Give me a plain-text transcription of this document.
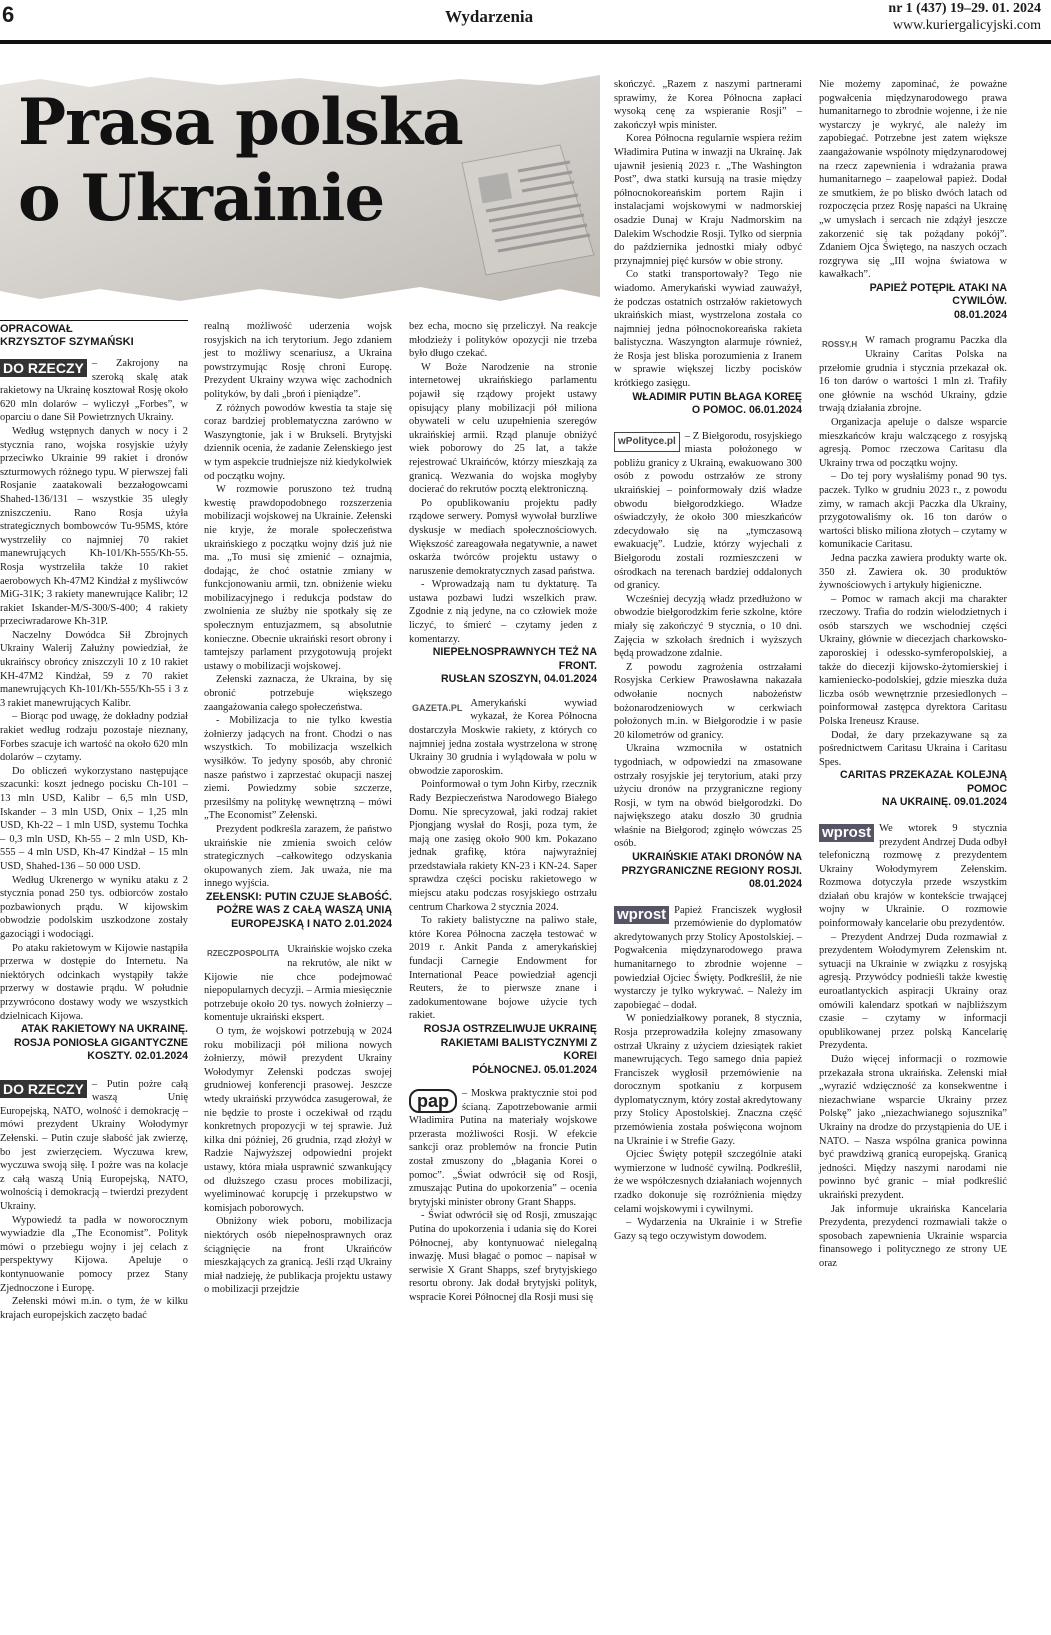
6	Wydarzenia	nr 1 (437) 19–29. 01. 2024
www.kuriergalicyjski.com
Prasa polska
o Ukrainie
OPRACOWAŁ
KRZYSZTOF SZYMAŃSKI

DO RZECZY – Zakrojony na szeroką skalę atak rakietowy na Ukrainę kosztował Rosję około 620 mln dolarów – wyliczył „Forbes”, w oparciu o dane Sił Powietrznych Ukrainy.

Według wstępnych danych w nocy i 2 stycznia rano, wojska rosyjskie użyły przeciwko Ukrainie 99 rakiet i dronów szturmowych różnego typu. W pierwszej fali Rosjanie zaatakowali bezzałogowcami Shahed-136/131 – wszystkie 35 uległy zniszczeniu. Rano Rosja użyła strategicznych bombowców Tu-95MS, które wystrzeliły co najmniej 70 rakiet manewrujących Kh-101/Kh-555/Kh-55. Rosja wystrzeliła także 10 rakiet aerobowych Kh-47M2 Kindżał z myśliwców MiG-31K; 3 rakiety manewrujące Kalibr; 12 rakiet Iskander-M/S-300/S-400; 4 rakiety przeciwradarowe Kh-31P.

Naczelny Dowódca Sił Zbrojnych Ukrainy Walerij Załużny powiedział, że ukraińscy obrońcy zniszczyli 10 z 10 rakiet KH-47M2 Kindżał, 59 z 70 rakiet manewrujących Kh-101/Kh-555/Kh-55 i 3 z 3 rakiet manewrujących Kalibr.

– Biorąc pod uwagę, że dokładny podział rakiet według rodzaju pozostaje nieznany, Forbes szacuje ich wartość na około 620 mln dolarów – czytamy.

Do obliczeń wykorzystano następujące szacunki: koszt jednego pocisku Ch-101 – 13 mln USD, Kalibr – 6,5 mln USD, Iskander – 3 mln USD, Onix – 1,25 mln USD, Kh-22 – 1 mln USD, systemu Tochka – 0,3 mln USD, Kh-55 – 2 mln USD, Kh-555 – 4 mln USD, Kh-47 Kindżał – 15 mln USD, Shahed-136 – 50 000 USD.

Według Ukrenergo w wyniku ataku z 2 stycznia ponad 250 tys. odbiorców zostało pozbawionych prądu. W kijowskim obwodzie podolskim uszkodzone zostały gazociągi i wodociągi.

Po ataku rakietowym w Kijowie nastąpiła przerwa w dostępie do Internetu. Na niektórych odcinkach wystąpiły także przerwy w dostawie prądu. W południe przywrócono dostawy wody we wszystkich dzielnicach Kijowa.

ATAK RAKIETOWY NA UKRAINĘ.
ROSJA PONIOSŁA GIGANTYCZNE
KOSZTY. 02.01.2024

DO RZECZY – Putin pożre całą waszą Unię Europejską, NATO, wolność i demokrację – mówi prezydent Ukrainy Wołodymyr Zełenski. – Putin czuje słabość jak zwierzę, bo jest zwierzęciem. Wyczuwa krew, wyczuwa swoją siłę. I pożre was na kolacje z całą waszą Unią Europejską, NATO, wolnością i demokracją – twierdzi prezydent Ukrainy.

Wypowiedź ta padła w noworocznym wywiadzie dla „The Economist”. Polityk mówi o przebiegu wojny i jej celach z perspektywy Kijowa. Apeluje o kontynuowanie pomocy przez Stany Zjednoczone i Europę.

Zełenski mówi m.in. o tym, że w kilku krajach europejskich zaczęto badać

realną możliwość uderzenia wojsk rosyjskich na ich terytorium. Jego zdaniem jest to możliwy scenariusz, a Ukraina powstrzymując Rosję chroni Europę. Prezydent Ukrainy wzywa więc zachodnich polityków, by dali „broń i pieniądze”.

Z różnych powodów kwestia ta staje się coraz bardziej problematyczna zarówno w Waszyngtonie, jak i w Brukseli. Brytyjski dziennik ocenia, że zadanie Zełenskiego jest w tym aspekcie trudniejsze niż kiedykolwiek od początku wojny.

W rozmowie poruszono też trudną kwestię prawdopodobnego rozszerzenia mobilizacji wojskowej na Ukrainie. Zełenski nie kryje, że morale społeczeństwa ukraińskiego z początku wojny dziś już nie ma. „To musi się zmienić – oznajmia, dodając, że choć ostatnie zmiany w funkcjonowaniu armii, tzn. obniżenie wieku mobilizacyjnego i redukcja podstaw do zwolnienia ze służby nie spotkały się ze społecznym entuzjazmem, są absolutnie konieczne. Obecnie ukraiński resort obrony i tamtejszy parlament przygotowują projekt ustawy o mobilizacji wojskowej.

Zełenski zaznacza, że Ukraina, by się obronić potrzebuje większego zaangażowania całego społeczeństwa.

- Mobilizacja to nie tylko kwestia żołnierzy jadących na front. Chodzi o nas wszystkich. To mobilizacja wszelkich wysiłków. To jedyny sposób, aby chronić nasze państwo i zaprzestać okupacji naszej ziemi. Powiedzmy sobie szczerze, przesilśmy na politykę wewnętrzną – mówi „The Economist” Zełenski.

Prezydent podkreśla zarazem, że państwo ukraińskie nie zmienia swoich celów strategicznych –całkowitego odzyskania okupowanych ziem. Jak uważa, nie ma innego wyjścia.

ZEŁENSKI: PUTIN CZUJE SŁABOŚĆ.
POŻRE WAS Z CAŁĄ WASZĄ UNIĄ
EUROPEJSKĄ I NATO 2.01.2024

RZECZPOSPOLITA Ukraińskie wojsko czeka na rekrutów, ale nikt w Kijowie nie chce podejmować niepopularnych decyzji. – Armia miesięcznie potrzebuje około 20 tys. nowych żołnierzy – komentuje ukraiński ekspert.

O tym, że wojskowi potrzebują w 2024 roku mobilizacji pół miliona nowych żołnierzy, mówił prezydent Ukrainy Wołodymyr Zełenski podczas swojej grudniowej konferencji prasowej. Jeszcze wtedy ukraiński przywódca zasugerował, że nie będzie to proste i oczekiwał od rządu konkretnych propozycji w tej sprawie. Już kilka dni później, 26 grudnia, rząd złożył w Radzie Najwyższej odpowiedni projekt ustawy, która miała usprawnić szwankujący od dłuższego czasu proces mobilizacji, wyeliminować korupcję i przekupstwo w komisjach poborowych.

Obniżony wiek poboru, mobilizacja niektórych osób niepełnosprawnych oraz ściągnięcie na front Ukraińców mieszkających za granicą. Jeśli rząd Ukrainy miał nadzieję, że publikacja projektu ustawy o mobilizacji przejdzie

bez echa, mocno się przeliczył. Na reakcje młodzieży i polityków opozycji nie trzeba było długo czekać.

W Boże Narodzenie na stronie internetowej ukraińskiego parlamentu pojawił się rządowy projekt ustawy opisujący plany mobilizacji pół miliona obywateli w celu uzupełnienia szeregów ukraińskiej armii. Rząd planuje obniżyć wiek poborowy do 25 lat, a także rejestrować Ukraińców, którzy mieszkają za granicą. Wezwania do wojska mogłyby docierać do rekrutów pocztą elektroniczną.

Po opublikowaniu projektu padły rządowe serwery. Pomysł wywołał burzliwe dyskusje w mediach społecznościowych. Większość zareagowała negatywnie, a nawet oskarża twórców projektu ustawy o naruszenie demokratycznych zasad państwa.

- Wprowadzają nam tu dyktaturę. Ta ustawa pozbawi ludzi wszelkich praw. Zgodnie z nią jedyne, na co człowiek może liczyć, to śmierć – czytamy jeden z komentarzy.

NIEPEŁNOSPRAWNYCH TEŻ NA FRONT.
RUSŁAN SZOSZYN, 04.01.2024

GAZETA.PL Amerykański wywiad wykazał, że Korea Północna dostarczyła Moskwie rakiety, z których co najmniej jedna została wystrzelona w stronę Ukrainy 30 grudnia i wylądowała w polu w obwodzie zaporoskim.

Poinformował o tym John Kirby, rzecznik Rady Bezpieczeństwa Narodowego Białego Domu. Nie sprecyzował, jaki rodzaj rakiet Pjongjang wysłał do Rosji, poza tym, że mają one zasięg około 900 km. Pokazano jednak grafikę, która najwyraźniej przedstawiała rakiety KN-23 i KN-24. Saper sprawdza części pocisku rakietowego w miejscu ataku podczas rosyjskiego ostrzału centrum Charkowa 2 stycznia 2024.

To rakiety balistyczne na paliwo stałe, które Korea Północna zaczęła testować w 2019 r. Ankit Panda z amerykańskiej fundacji Carnegie Endowment for International Peace powiedział agencji Reuters, że to pierwsze znane i zadokumentowane bojowe użycie tych rakiet.

ROSJA OSTRZELIWUJE UKRAINĘ
RAKIETAMI BALISTYCZNYMI Z KOREI
PÓŁNOCNEJ. 05.01.2024

pap	– Moskwa praktycznie stoi pod ścianą. Zapotrzebowanie armii Władimira Putina na materiały wojskowe przerasta możliwości Rosji. W efekcie sankcji oraz problemów na froncie Putin został zmuszony do „błagania Korei o pomoc”. „Świat odwrócił się od Rosji, zmuszając Putina do upokorzenia” – ocenia brytyjski minister obrony Grant Shapps.

- Świat odwrócił się od Rosji, zmuszając Putina do upokorzenia i udania się do Korei Północnej, aby kontynuować nielegalną inwazję. Musi błagać o pomoc – napisał w serwisie X Grant Shapps, szef brytyjskiego resortu obrony. Jak dodał brytyjski polityk, wspracie Korei Północnej dla Rosji musi się

skończyć. „Razem z naszymi partnerami sprawimy, że Korea Północna zapłaci wysoką cenę za wspieranie Rosji” – zakończył wpis minister.

Korea Północna regularnie wspiera reżim Władimira Putina w inwazji na Ukrainę. Jak ujawnił jesienią 2023 r. „The Washington Post”, dwa statki kursują na trasie między północnokoreańskim portem Rajin i instalacjami wojskowymi w nadmorskiej osadzie Dunaj w Kraju Nadmorskim na Dalekim Wschodzie Rosji. Tylko od sierpnia do października jednostki miały odbyć przynajmniej pięć kursów w obie strony.

Co statki transportowały? Tego nie wiadomo. Amerykański wywiad zauważył, że podczas ostatnich ostrzałów rakietowych ukraińskich miast, wystrzelona została co najmniej jedna północnokoreańska rakieta balistyczna. Waszyngton alarmuje również, że Rosja jest bliska porozumienia z Iranem w sprawie większej liczby pocisków krótkiego zasięgu.

WŁADIMIR PUTIN BŁAGA KOREĘ
O POMOC. 06.01.2024

wPolityce.pl – Z Biełgorodu, rosyjskiego miasta położonego w pobliżu granicy z Ukrainą, ewakuowano 300 osób z powodu ostrzałów ze strony ukraińskiej – poinformowały dziś władze obwodu biełgorodzkiego. Władze oświadczyły, że około 300 mieszkańców zdecydowało się na „tymczasową ewakuację”. Ludzie, którzy wyjechali z Biełgorodu zostali rozmieszczeni w ośrodkach na terenach bardziej oddalonych od granicy.

Wcześniej decyzją władz przedłużono w obwodzie biełgorodzkim ferie szkolne, które miały się zakończyć 9 stycznia, o 10 dni. Zajęcia w szkołach średnich i wyższych będą prowadzone zdalnie.

Z powodu zagrożenia ostrzałami Rosyjska Cerkiew Prawosławna nakazała odwołanie nocnych nabożeństw bożonarodzeniowych w cerkwiach położonych m.in. w Biełgorodzie i w pasie 20 kilometrów od granicy.

Ukraina wzmocniła w ostatnich tygodniach, w odpowiedzi na zmasowane ostrzały rosyjskie jej terytorium, ataki przy użyciu dronów na przygraniczne regiony Rosji, w tym na obwód biełgorodzki. Do największego ataku doszło 30 grudnia właśnie na Biełgorod; zginęło wówczas 25 osób.

UKRAIŃSKIE ATAKI DRONÓW NA
PRZYGRANICZNE REGIONY ROSJI.
08.01.2024

wprost Papież Franciszek wygłosił przemówienie do dyplomatów akredytowanych przy Stolicy Apostolskiej. – Pogwałcenia międzynarodowego prawa humanitarnego to zbrodnie wojenne – powiedział Ojciec Święty. Podkreślił, że nie wystarczy je tylko wykrywać. – Należy im zapobiegać – dodał.

W poniedziałkowy poranek, 8 stycznia, Rosja przeprowadziła kolejny zmasowany ostrzał Ukrainy z użyciem dziesiątek rakiet manewrujących. Tego samego dnia papież Franciszek wygłosił przemówienie na dorocznym spotkaniu z korpusem dyplomatycznym, który został akredytowany przy Stolicy Apostolskiej. Znaczna część przemówienia została poświęcona wojnom na Ukrainie i w Strefie Gazy.

Ojciec Święty potępił szczególnie ataki wymierzone w ludność cywilną. Podkreślił, że we współczesnych działaniach wojennych rzadko dokonuje się rozróżnienia między celami wojskowymi i cywilnymi.

– Wydarzenia na Ukrainie i w Strefie Gazy są tego oczywistym dowodem.

Nie możemy zapominać, że poważne pogwałcenia międzynarodowego prawa humanitarnego to zbrodnie wojenne, i że nie wystarczy je wykryć, ale należy im zapobiegać. Potrzebne jest zatem większe zaangażowanie wspólnoty międzynarodowej na rzecz zapewnienia i wdrażania prawa humanitarnego – zaapelował papież. Dodał ze smutkiem, że po blisko dwóch latach od rozpoczęcia przez Rosję napaści na Ukrainę „w umysłach i sercach nie zdążył jeszcze zakorzenić się tak pożądany pokój”. Zdaniem Ojca Świętego, na naszych oczach rozgrywa się „III wojna światowa w kawałkach”.

PAPIEŻ POTĘPIŁ ATAKI NA CYWILÓW.
08.01.2024

ROSSY.H W ramach programu Paczka dla Ukrainy Caritas Polska na przełomie grudnia i stycznia przekazał ok. 16 ton darów o wartości 1 mln zł. Trafiły one głównie na wschód Ukrainy, gdzie trwają działania zbrojne.

Organizacja apeluje o dalsze wsparcie mieszkańców kraju walczącego z rosyjską agresją. Pomoc rzeczowa Caritasu dla Ukrainy trwa od początku wojny.

– Do tej pory wysłaliśmy ponad 90 tys. paczek. Tylko w grudniu 2023 r., z powodu zimy, w ramach akcji Paczka dla Ukrainy, przygotowaliśmy ok. 16 ton darów o wartości blisko miliona złotych – czytamy w komunikacie Caritasu.

Jedna paczka zawiera produkty warte ok. 350 zł. Zawiera ok. 30 produktów żywnościowych i artykuły higieniczne.

– Pomoc w ramach akcji ma charakter rzeczowy. Trafia do rodzin wielodzietnych i osób starszych we wschodniej części Ukrainy, głównie w diecezjach charkowsko-zaporoskiej i odessko-symferopolskiej, a także do diecezji kijowsko-żytomierskiej i kamieniecko-podolskiej, gdzie mieszka duża liczba osób wewnętrznie przesiedlonych – poinformował zastępca dyrektora Caritasu Polska Ireneusz Krause.

Dodał, że dary przekazywane są za pośrednictwem Caritasu Ukraina i Caritasu Spes.

CARITAS PRZEKAZAŁ KOLEJNĄ POMOC
NA UKRAINĘ. 09.01.2024

wprost We wtorek 9 stycznia prezydent Andrzej Duda odbył telefoniczną rozmowę z prezydentem Ukrainy Wołodymyrem Zełenskim. Rozmowa dotyczyła przede wszystkim działań obu krajów w kontekście trwającej wojny w Ukrainie. O rozmowie poinformowały kancelarie obu prezydentów.

– Prezydent Andrzej Duda rozmawiał z prezydentem Wołodymyrem Zełenskim nt. sytuacji na Ukrainie w związku z rosyjską agresją. Przywódcy podnieśli także kwestię euroatlantyckich aspiracji Ukrainy oraz omówili kalendarz spotkań w najbliższym czasie – czytamy w informacji opublikowanej przez polską Kancelarię Prezydenta.

Dużo więcej informacji o rozmowie przekazała strona ukraińska. Zełenski miał „wyrazić wdzięczność za konsekwentne i niezachwiane wsparcie Ukrainy przez Polskę” jako „niezachwianego sojusznika” Ukrainy na drodze do przystąpienia do UE i NATO. – Nasza wspólna granica powinna być prawdziwą granicą europejską. Granicą jedności. Między naszymi narodami nie powinno być granic – miał podkreślić ukraiński prezydent.

Jak informuje ukraińska Kancelaria Prezydenta, prezydenci rozmawiali także o sposobach zapewnienia Ukrainie wsparcia finansowego i politycznego ze strony UE oraz
